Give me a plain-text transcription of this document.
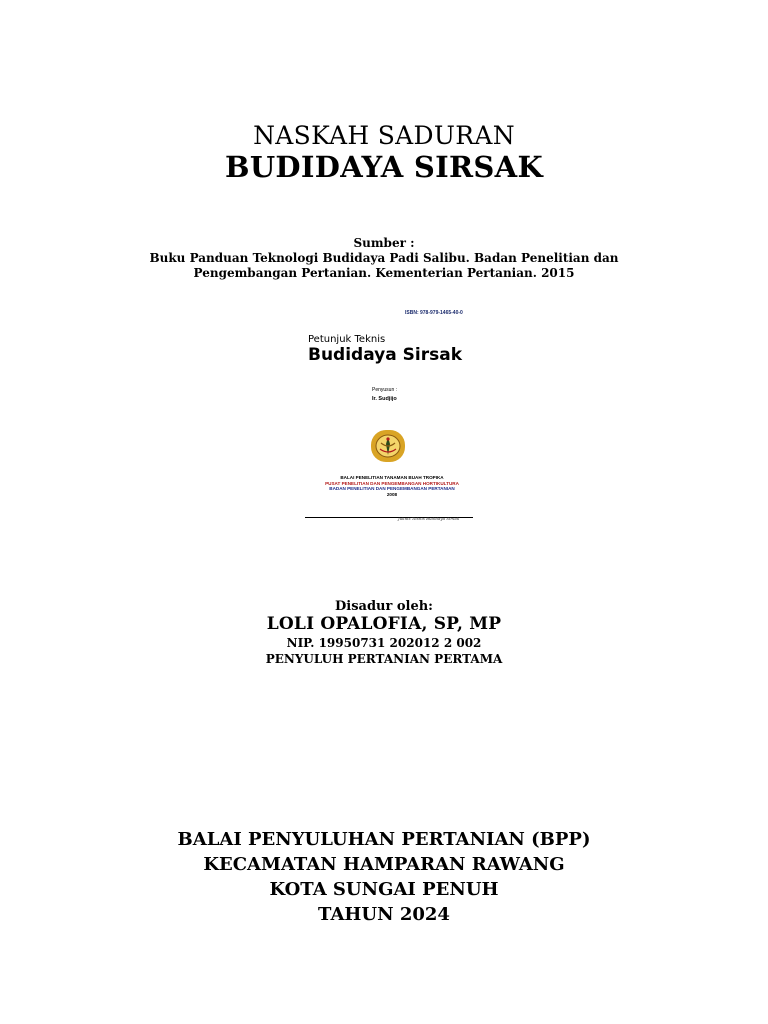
NASKAH SADURAN
BUDIDAYA SIRSAK
Sumber :
Buku Panduan Teknologi Budidaya Padi Salibu. Badan Penelitian dan
Pengembangan Pertanian. Kementerian Pertanian. 2015
ISBN: 978-979-1465-40-0
Petunjuk Teknis
Budidaya Sirsak
Penyusun :
Ir. Sudjijo
BALAI PENELITIAN TANAMAN BUAH TROPIKA
PUSAT PENELITIAN DAN PENGEMBANGAN HORTIKULTURA
BADAN PENELITIAN DAN PENGEMBANGAN PERTANIAN
2008
Juknis Teknis Budidaya Sirsak
Disadur oleh:
LOLI OPALOFIA, SP, MP
NIP. 19950731 202012 2 002
PENYULUH PERTANIAN PERTAMA
BALAI PENYULUHAN PERTANIAN (BPP)
KECAMATAN HAMPARAN RAWANG
KOTA SUNGAI PENUH
TAHUN 2024
